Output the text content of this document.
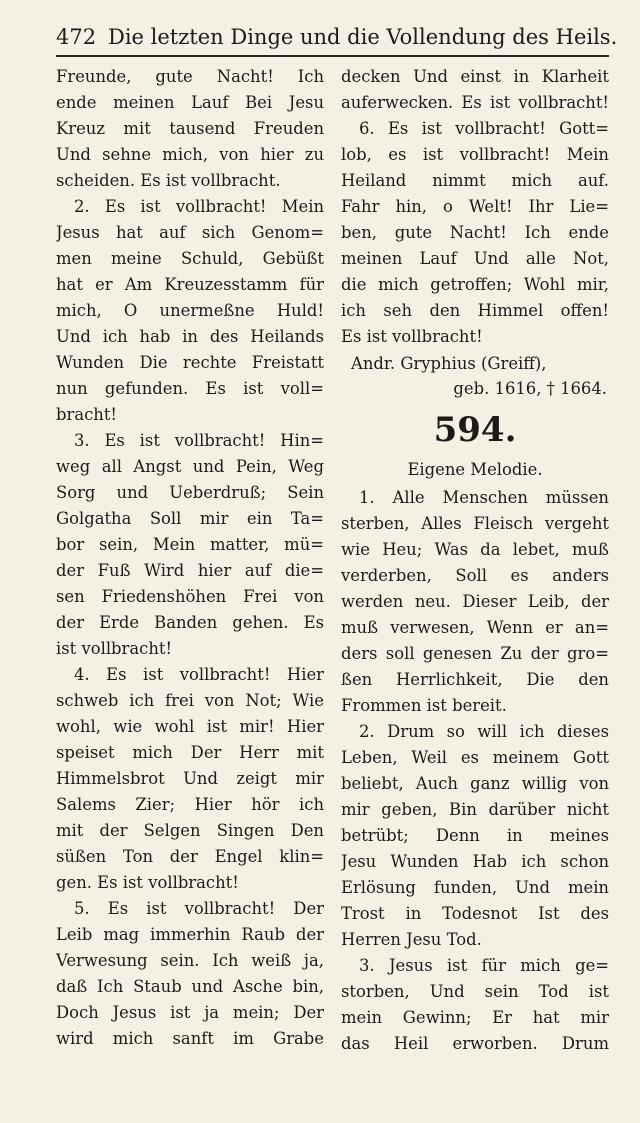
472 Die letzten Dinge und die Vollendung des Heils.
Freunde, gute Nacht! Ich
ende meinen Lauf Bei Jesu
Kreuz mit tausend Freuden
Und sehne mich, von hier zu
scheiden. Es ist vollbracht.
2. Es ist vollbracht! Mein
Jesus hat auf sich Genom=
men meine Schuld, Gebüßt
hat er Am Kreuzesstamm für
mich, O unermeßne Huld!
Und ich hab in des Heilands
Wunden Die rechte Freistatt
nun gefunden. Es ist voll=
bracht!
3. Es ist vollbracht! Hin=
weg all Angst und Pein, Weg
Sorg und Ueberdruß; Sein
Golgatha Soll mir ein Ta=
bor sein, Mein matter, mü=
der Fuß Wird hier auf die=
sen Friedenshöhen Frei von
der Erde Banden gehen. Es
ist vollbracht!
4. Es ist vollbracht! Hier
schweb ich frei von Not; Wie
wohl, wie wohl ist mir! Hier
speiset mich Der Herr mit
Himmelsbrot Und zeigt mir
Salems Zier; Hier hör ich
mit der Selgen Singen Den
süßen Ton der Engel klin=
gen. Es ist vollbracht!
5. Es ist vollbracht! Der
Leib mag immerhin Raub der
Verwesung sein. Ich weiß ja,
daß Ich Staub und Asche bin,
Doch Jesus ist ja mein; Der
wird mich sanft im Grabe
decken Und einst in Klarheit
auferwecken. Es ist vollbracht!
6. Es ist vollbracht! Gott=
lob, es ist vollbracht! Mein
Heiland nimmt mich auf.
Fahr hin, o Welt! Ihr Lie=
ben, gute Nacht! Ich ende
meinen Lauf Und alle Not,
die mich getroffen; Wohl mir,
ich seh den Himmel offen!
Es ist vollbracht!
Andr. Gryphius (Greiff),
geb. 1616, † 1664.
594.
Eigene Melodie.
1. Alle Menschen müssen
sterben, Alles Fleisch vergeht
wie Heu; Was da lebet, muß
verderben, Soll es anders
werden neu. Dieser Leib, der
muß verwesen, Wenn er an=
ders soll genesen Zu der gro=
ßen Herrlichkeit, Die den
Frommen ist bereit.
2. Drum so will ich dieses
Leben, Weil es meinem Gott
beliebt, Auch ganz willig von
mir geben, Bin darüber nicht
betrübt; Denn in meines
Jesu Wunden Hab ich schon
Erlösung funden, Und mein
Trost in Todesnot Ist des
Herren Jesu Tod.
3. Jesus ist für mich ge=
storben, Und sein Tod ist
mein Gewinn; Er hat mir
das Heil erworben. Drum
